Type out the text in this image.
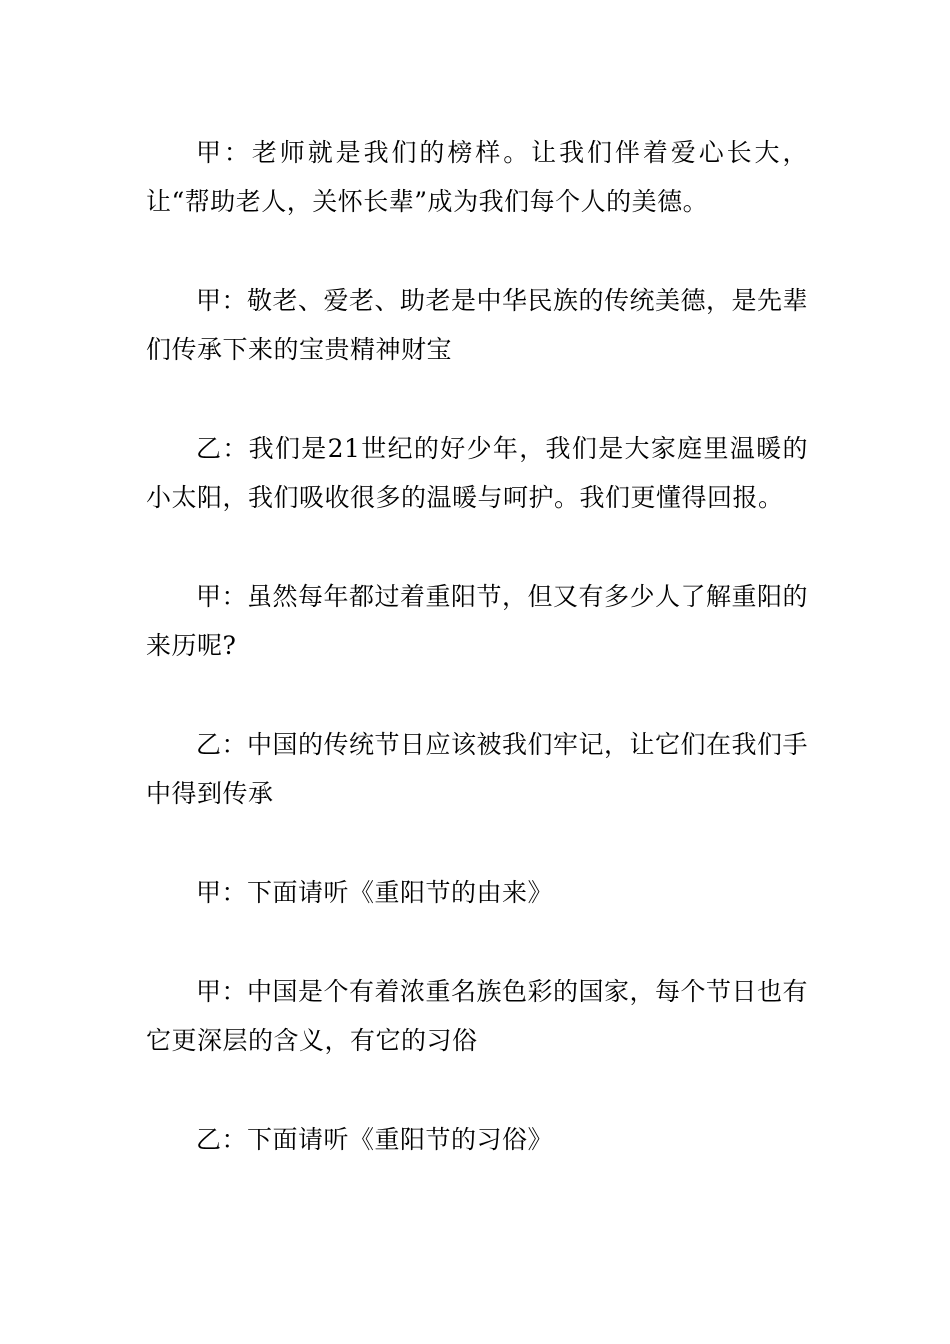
甲：老师就是我们的榜样。让我们伴着爱心长大，让“帮助老人，关怀长辈”成为我们每个人的美德。

甲：敬老、爱老、助老是中华民族的传统美德，是先辈们传承下来的宝贵精神财宝

乙：我们是21世纪的好少年，我们是大家庭里温暖的小太阳，我们吸收很多的温暖与呵护。我们更懂得回报。

甲：虽然每年都过着重阳节，但又有多少人了解重阳的来历呢?

乙：中国的传统节日应该被我们牢记，让它们在我们手中得到传承

甲：下面请听《重阳节的由来》

甲：中国是个有着浓重名族色彩的国家，每个节日也有它更深层的含义，有它的习俗

乙：下面请听《重阳节的习俗》
